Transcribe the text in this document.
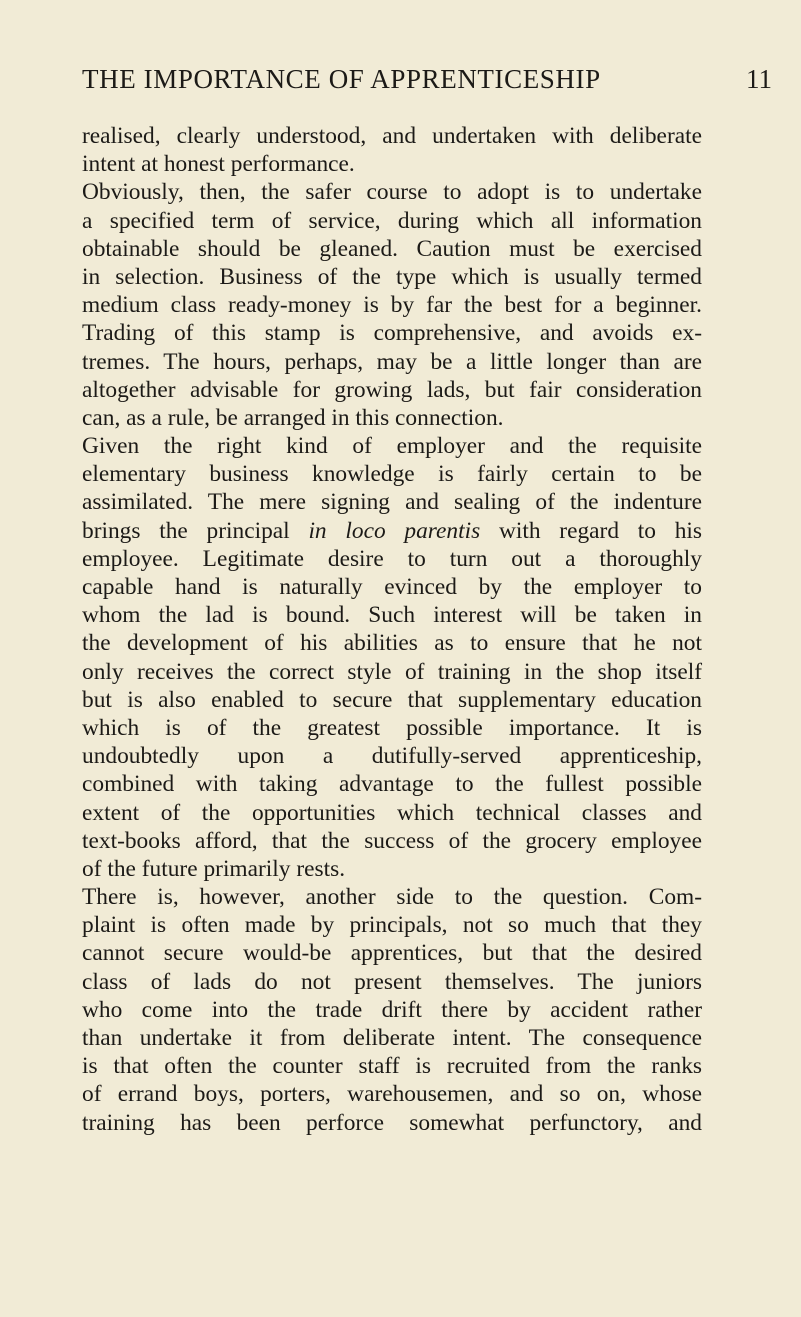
THE IMPORTANCE OF APPRENTICESHIP	11
realised, clearly understood, and undertaken with deliberate
intent at honest performance.
Obviously, then, the safer course to adopt is to undertake
a specified term of service, during which all information
obtainable should be gleaned. Caution must be exercised
in selection. Business of the type which is usually termed
medium class ready-money is by far the best for a beginner.
Trading of this stamp is comprehensive, and avoids ex-
tremes. The hours, perhaps, may be a little longer than are
altogether advisable for growing lads, but fair consideration
can, as a rule, be arranged in this connection.
Given the right kind of employer and the requisite
elementary business knowledge is fairly certain to be
assimilated. The mere signing and sealing of the indenture
brings the principal in loco parentis with regard to his
employee. Legitimate desire to turn out a thoroughly
capable hand is naturally evinced by the employer to
whom the lad is bound. Such interest will be taken in
the development of his abilities as to ensure that he not
only receives the correct style of training in the shop itself
but is also enabled to secure that supplementary education
which is of the greatest possible importance. It is
undoubtedly upon a dutifully-served apprenticeship,
combined with taking advantage to the fullest possible
extent of the opportunities which technical classes and
text-books afford, that the success of the grocery employee
of the future primarily rests.
There is, however, another side to the question. Com-
plaint is often made by principals, not so much that they
cannot secure would-be apprentices, but that the desired
class of lads do not present themselves. The juniors
who come into the trade drift there by accident rather
than undertake it from deliberate intent. The consequence
is that often the counter staff is recruited from the ranks
of errand boys, porters, warehousemen, and so on, whose
training has been perforce somewhat perfunctory, and
